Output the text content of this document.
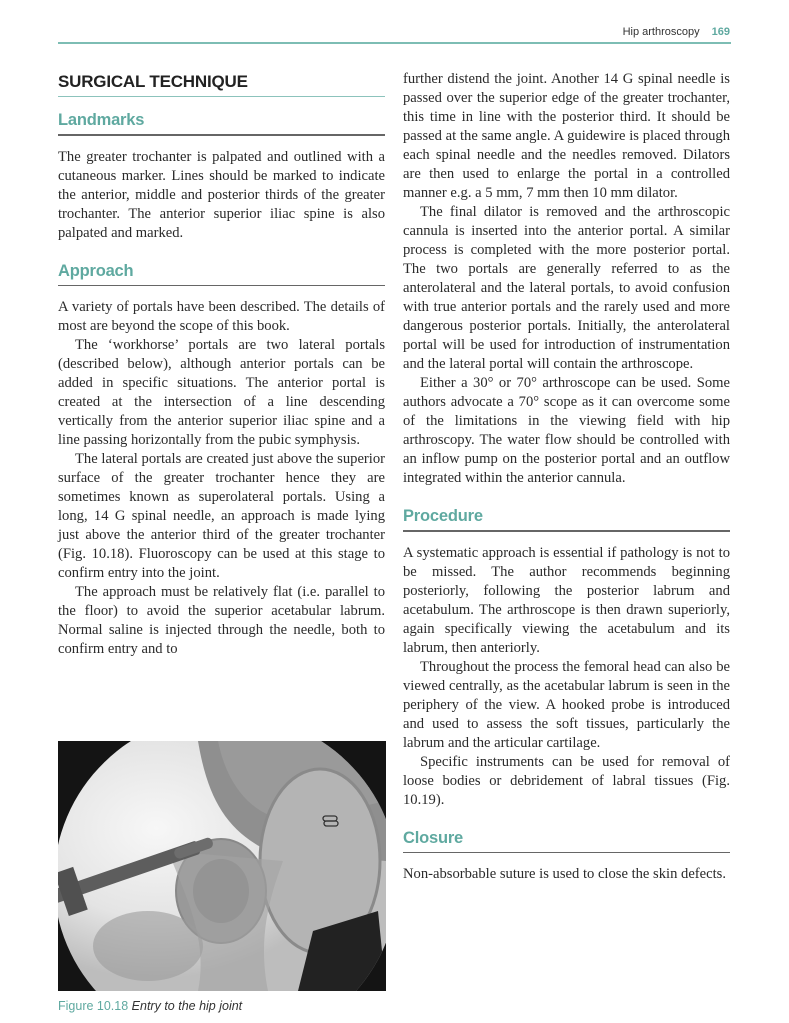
Hip arthroscopy 169
SURGICAL TECHNIQUE
Landmarks

The greater trochanter is palpated and outlined with a cutaneous marker. Lines should be marked to indicate the anterior, middle and posterior thirds of the greater trochanter. The anterior superior iliac spine is also palpated and marked.

Approach

A variety of portals have been described. The details of most are beyond the scope of this book.

The ‘workhorse’ portals are two lateral portals (described below), although anterior portals can be added in specific situations. The anterior portal is created at the intersection of a line descending vertically from the anterior superior iliac spine and a line passing horizontally from the pubic symphysis.

The lateral portals are created just above the superior surface of the greater trochanter hence they are sometimes known as superolateral portals. Using a long, 14 G spinal needle, an approach is made lying just above the anterior third of the greater trochanter (Fig. 10.18). Fluoroscopy can be used at this stage to confirm entry into the joint.

The approach must be relatively flat (i.e. parallel to the floor) to avoid the superior acetabular labrum. Normal saline is injected through the needle, both to confirm entry and to

Figure 10.18 Entry to the hip joint

further distend the joint. Another 14 G spinal needle is passed over the superior edge of the greater trochanter, this time in line with the posterior third. It should be passed at the same angle. A guidewire is placed through each spinal needle and the needles removed. Dilators are then used to enlarge the portal in a controlled manner e.g. a 5 mm, 7 mm then 10 mm dilator.

The final dilator is removed and the arthroscopic cannula is inserted into the anterior portal. A similar process is completed with the more posterior portal. The two portals are generally referred to as the anterolateral and the lateral portals, to avoid confusion with true anterior portals and the rarely used and more dangerous posterior portals. Initially, the anterolateral portal will be used for introduction of instrumentation and the lateral portal will contain the arthroscope.

Either a 30° or 70° arthroscope can be used. Some authors advocate a 70° scope as it can overcome some of the limitations in the viewing field with hip arthroscopy. The water flow should be controlled with an inflow pump on the posterior portal and an outflow integrated within the anterior cannula.

Procedure

A systematic approach is essential if pathology is not to be missed. The author recommends beginning posteriorly, following the posterior labrum and acetabulum. The arthroscope is then drawn superiorly, again specifically viewing the acetabulum and its labrum, then anteriorly.

Throughout the process the femoral head can also be viewed centrally, as the acetabular labrum is seen in the periphery of the view. A hooked probe is introduced and used to assess the soft tissues, particularly the labrum and the articular cartilage.

Specific instruments can be used for removal of loose bodies or debridement of labral tissues (Fig. 10.19).

Closure

Non-absorbable suture is used to close the skin defects.
